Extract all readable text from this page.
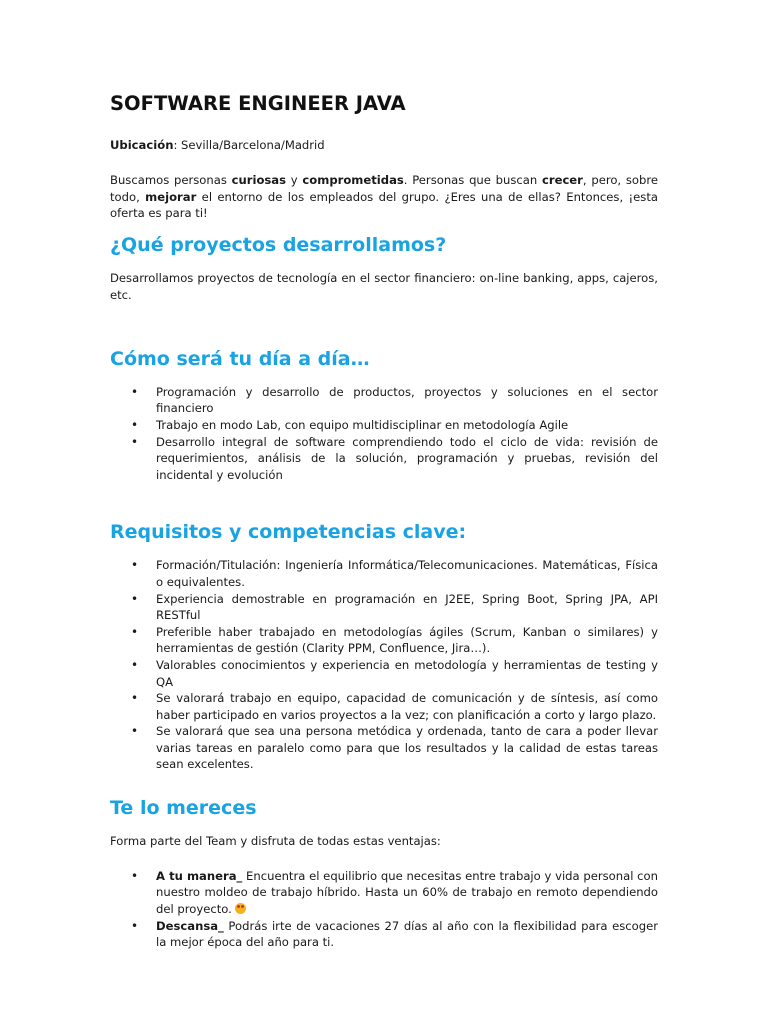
SOFTWARE ENGINEER JAVA

Ubicación: Sevilla/Barcelona/Madrid

Buscamos personas curiosas y comprometidas. Personas que buscan crecer, pero, sobre todo, mejorar el entorno de los empleados del grupo. ¿Eres una de ellas? Entonces, ¡esta oferta es para ti!

¿Qué proyectos desarrollamos?

Desarrollamos proyectos de tecnología en el sector financiero: on-line banking, apps, cajeros, etc.

Cómo será tu día a día…
• Programación y desarrollo de productos, proyectos y soluciones en el sector financiero
• Trabajo en modo Lab, con equipo multidisciplinar en metodología Agile
• Desarrollo integral de software comprendiendo todo el ciclo de vida: revisión de requerimientos, análisis de la solución, programación y pruebas, revisión del incidental y evolución
Requisitos y competencias clave:
• Formación/Titulación: Ingeniería Informática/Telecomunicaciones. Matemáticas, Física o equivalentes.
• Experiencia demostrable en programación en J2EE, Spring Boot, Spring JPA, API RESTful
• Preferible haber trabajado en metodologías ágiles (Scrum, Kanban o similares) y herramientas de gestión (Clarity PPM, Confluence, Jira…).
• Valorables conocimientos y experiencia en metodología y herramientas de testing y QA
• Se valorará trabajo en equipo, capacidad de comunicación y de síntesis, así como haber participado en varios proyectos a la vez; con planificación a corto y largo plazo.
• Se valorará que sea una persona metódica y ordenada, tanto de cara a poder llevar varias tareas en paralelo como para que los resultados y la calidad de estas tareas sean excelentes.
Te lo mereces

Forma parte del Team y disfruta de todas estas ventajas:

• A tu manera_ Encuentra el equilibrio que necesitas entre trabajo y vida personal con nuestro moldeo de trabajo híbrido. Hasta un 60% de trabajo en remoto dependiendo del proyecto.
• Descansa_ Podrás irte de vacaciones 27 días al año con la flexibilidad para escoger la mejor época del año para ti.
